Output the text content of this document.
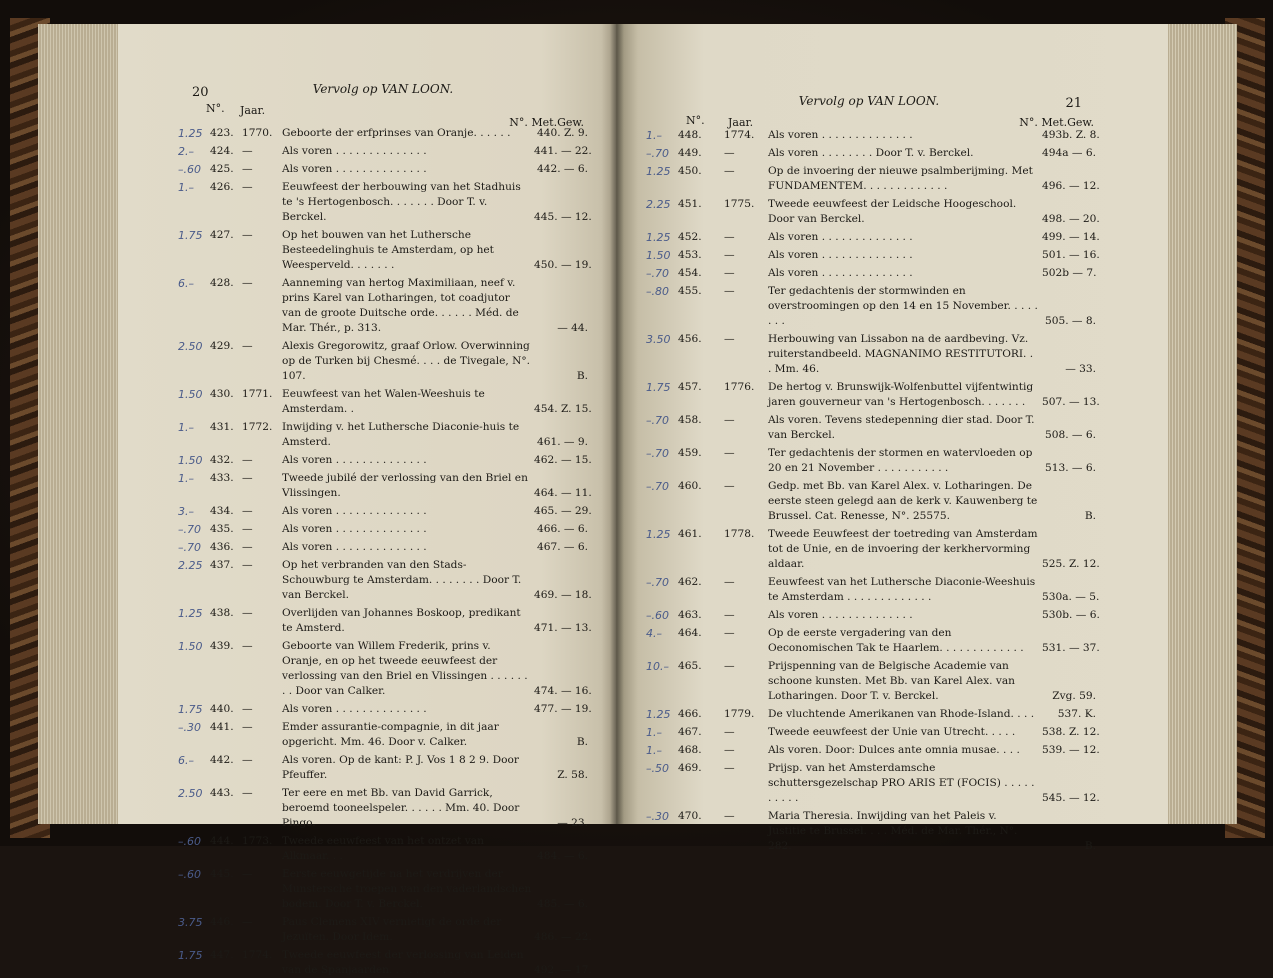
20	Vervolg op VAN LOON.
N°. Jaar.
N°. Met.Gew.
1.25 423. 1770. Geboorte der erfprinses van Oranje. . . . . .	440. Z. 9.
2.–	424. —	Als voren . . . . . . . . . . . . . .	441. — 22.
–.60 425. —	Als voren . . . . . . . . . . . . . .	442. — 6.
1.–	426. —	Eeuwfeest der herbouwing van het Stadhuis te 's Hertogenbosch. . . . . . . Door T. v. Berckel.	445. — 12.
1.75 427. —	Op het bouwen van het Luthersche Besteedelinghuis te Amsterdam, op het Weesperveld. . . . . . .	450. — 19.
6.–	428. —	Aanneming van hertog Maximiliaan, neef v. prins Karel van Lotharingen, tot coadjutor van de groote Duitsche orde. . . . . . Méd. de Mar. Thér., p. 313.	— 44.
2.50 429. —	Alexis Gregorowitz, graaf Orlow. Overwinning op de Turken bij Chesmé. . . . de Tivegale, N°. 107.	B.
1.50 430. 1771. Eeuwfeest van het Walen-Weeshuis te Amsterdam. .	454. Z. 15.
1.–	431. 1772. Inwijding v. het Luthersche Diaconie-huis te Amsterd.	461. — 9.
1.50 432. —	Als voren . . . . . . . . . . . . . .	462. — 15.
1.–	433. —	Tweede jubilé der verlossing van den Briel en Vlissingen.	464. — 11.
3.–	434. —	Als voren . . . . . . . . . . . . . .	465. — 29.
–.70 435. —	Als voren . . . . . . . . . . . . . .	466. — 6.
–.70 436. —	Als voren . . . . . . . . . . . . . .	467. — 6.
2.25 437. —	Op het verbranden van den Stads-Schouwburg te Amsterdam. . . . . . . . Door T. van Berckel.	469. — 18.
1.25 438. —	Overlijden van Johannes Boskoop, predikant te Amsterd.	471. — 13.
1.50 439. —	Geboorte van Willem Frederik, prins v. Oranje, en op het tweede eeuwfeest der verlossing van den Briel en Vlissingen . . . . . . . . Door van Calker.	474. — 16.
1.75 440. —	Als voren . . . . . . . . . . . . . .	477. — 19.
–.30 441. —	Emder assurantie-compagnie, in dit jaar opgericht. Mm. 46. Door v. Calker.	B.
6.–	442. —	Als voren. Op de kant: P. J. Vos 1 8 2 9. Door Pfeuffer.	Z. 58.
2.50 443. —	Ter eere en met Bb. van David Garrick, beroemd tooneelspeler. . . . . . Mm. 40. Door Pingo.	— 23.
–.60 444. 1773. Tweede eeuwfeest van het ontzet van Alkmaar. . .	484. — 6.
–.60 445. —	Eerste eeuwgetijde na het verdrijven der Munstersche troepen van den vaderlandschen bodem. Door T. v. Berckel.	485. — 6.
3.75 446. —	Paus Clemens XIV vernietigt de orde der Jezuïten. Door Idem.	486. — 22.
1.75 447. 1774. Tweede eeuwfeest der verlossing van Leiden van de Spanjaarden. . . . . . . . . . . . .	492. — 17.
21
Vervolg op VAN LOON.
N°. Jaar.	N°. Met.Gew.
1.–	448. 1774. Als voren . . . . . . . . . . . . . .	493b. Z. 8.
–.70 449. —	Als voren . . . . . . . . Door T. v. Berckel.	494a — 6.
1.25 450. —	Op de invoering der nieuwe psalmberijming. Met FUNDAMENTEM. . . . . . . . . . . . .	496. — 12.
2.25 451. 1775. Tweede eeuwfeest der Leidsche Hoogeschool. Door van Berckel.	498. — 20.
1.25 452. —	Als voren . . . . . . . . . . . . . .	499. — 14.
1.50 453. —	Als voren . . . . . . . . . . . . . .	501. — 16.
–.70 454. —	Als voren . . . . . . . . . . . . . .	502b — 7.
–.80 455. —	Ter gedachtenis der stormwinden en overstroomingen op den 14 en 15 November. . . . . . . .	505. — 8.
3.50 456. —	Herbouwing van Lissabon na de aardbeving. Vz. ruiterstandbeeld. MAGNANIMO RESTITUTORI. . . Mm. 46.	— 33.
1.75 457. 1776. De hertog v. Brunswijk-Wolfenbuttel vijfentwintig jaren gouverneur van 's Hertogenbosch. . . . . . .	507. — 13.
–.70 458. —	Als voren. Tevens stedepenning dier stad. Door T. van Berckel.	508. — 6.
–.70 459. —	Ter gedachtenis der stormen en watervloeden op 20 en 21 November . . . . . . . . . . .	513. — 6.
–.70 460. —	Gedp. met Bb. van Karel Alex. v. Lotharingen. De eerste steen gelegd aan de kerk v. Kauwenberg te Brussel. Cat. Renesse, N°. 25575.	B.
1.25 461. 1778. Tweede Eeuwfeest der toetreding van Amsterdam tot de Unie, en de invoering der kerkhervorming aldaar.	525. Z. 12.
–.70 462. —	Eeuwfeest van het Luthersche Diaconie-Weeshuis te Amsterdam . . . . . . . . . . . . .	530a. — 5.
–.60 463. —	Als voren . . . . . . . . . . . . . .	530b. — 6.
4.–	464. —	Op de eerste vergadering van den Oeconomischen Tak te Haarlem. . . . . . . . . . . . .	531. — 37.
10.– 465. —	Prijspenning van de Belgische Academie van schoone kunsten. Met Bb. van Karel Alex. van Lotharingen. Door T. v. Berckel.	Zvg. 59.
1.25 466. 1779. De vluchtende Amerikanen van Rhode-Island. . . .	537. K.
1.–	467. —	Tweede eeuwfeest der Unie van Utrecht. . . . .	538. Z. 12.
1.–	468. —	Als voren. Door: Dulces ante omnia musae. . . .	539. — 12.
–.50 469. —	Prijsp. van het Amsterdamsche schuttersgezelschap PRO ARIS ET (FOCIS) . . . . . . . . . .	545. — 12.
–.30 470. —	Maria Theresia. Inwijding van het Paleis v. Justitie te Brussel. . . . Méd. de Mar. Thér., N°. 282.	B.
